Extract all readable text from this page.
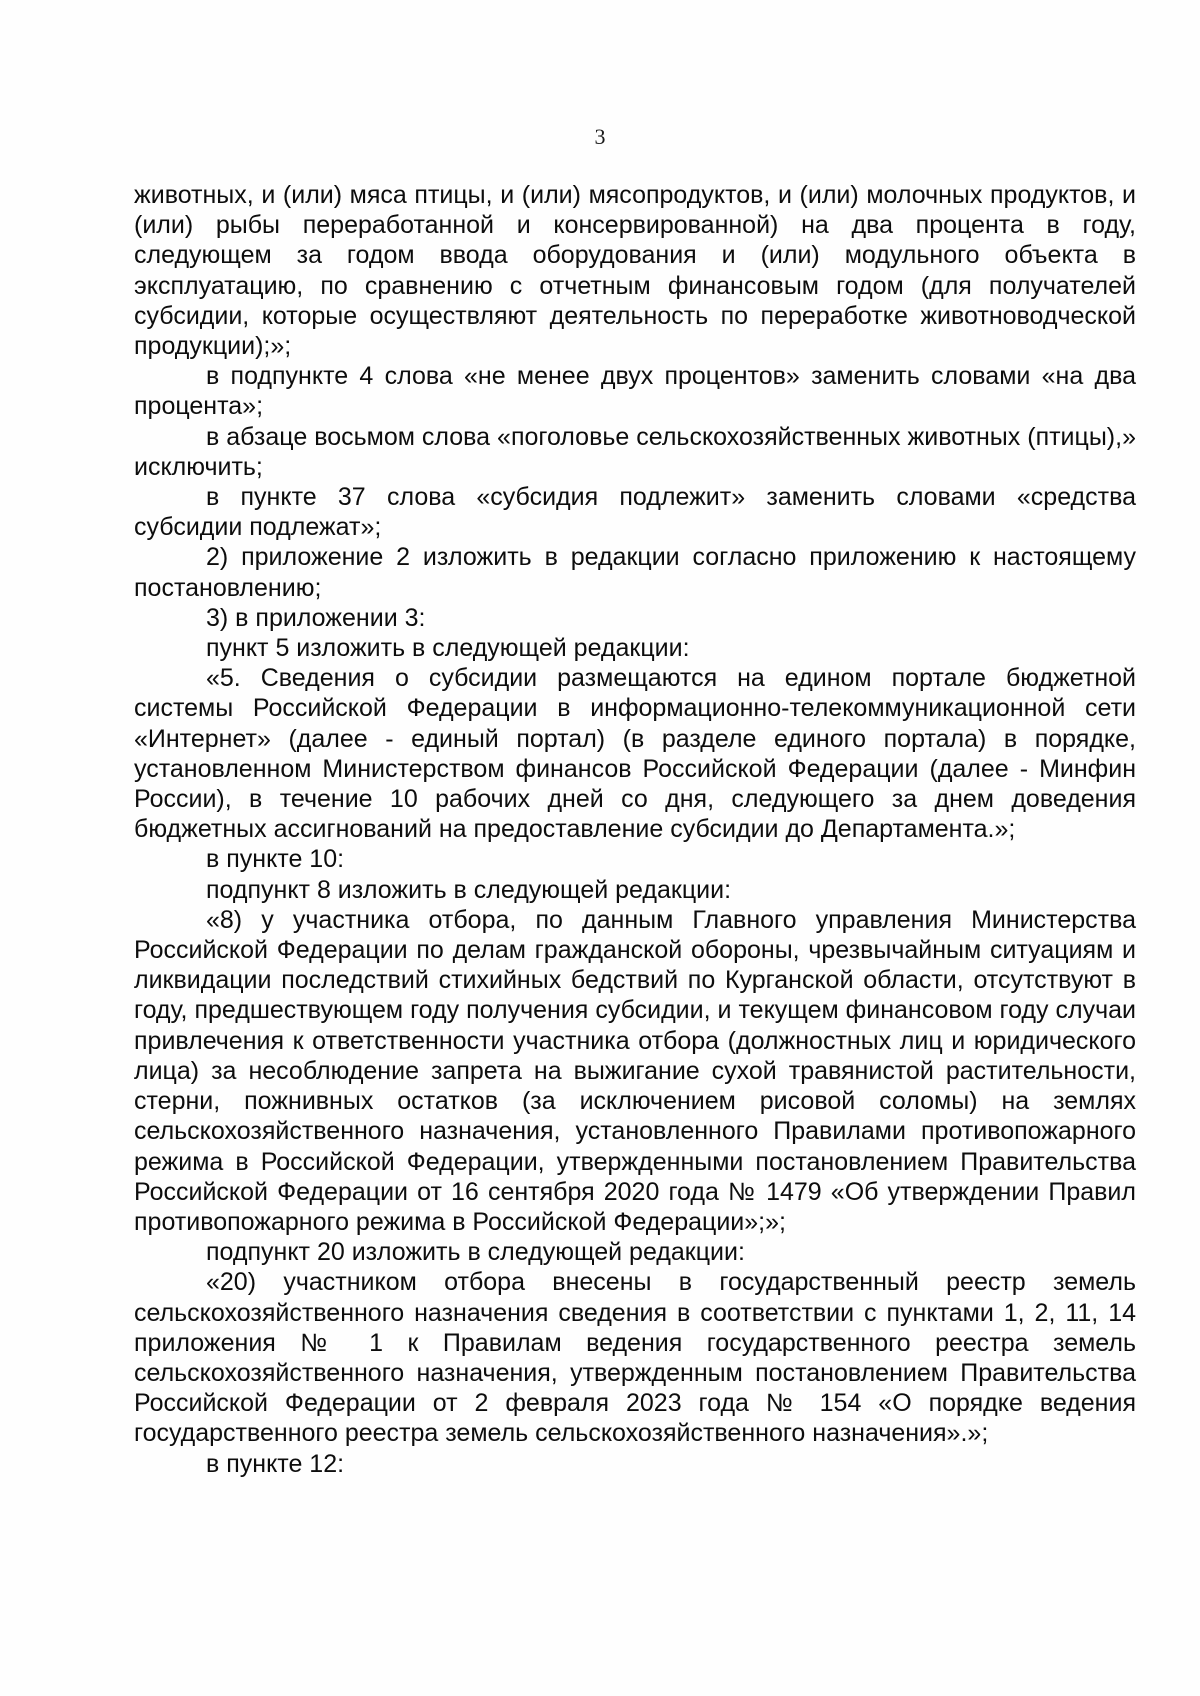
3

животных, и (или) мяса птицы, и (или) мясопродуктов, и (или) молочных продуктов, и (или) рыбы переработанной и консервированной) на два процента в году, следующем за годом ввода оборудования и (или) модульного объекта в эксплуатацию, по сравнению с отчетным финансовым годом (для получателей субсидии, которые осуществляют деятельность по переработке животноводческой продукции);»;

в подпункте 4 слова «не менее двух процентов» заменить словами «на два процента»;

в абзаце восьмом слова «поголовье сельскохозяйственных животных (птицы),» исключить;

в пункте 37 слова «субсидия подлежит» заменить словами «средства субсидии подлежат»;

2) приложение 2 изложить в редакции согласно приложению к настоящему постановлению;

3) в приложении 3:

пункт 5 изложить в следующей редакции:

«5. Сведения о субсидии размещаются на едином портале бюджетной системы Российской Федерации в информационно-телекоммуникационной сети «Интернет» (далее - единый портал) (в разделе единого портала) в порядке, установленном Министерством финансов Российской Федерации (далее - Минфин России), в течение 10 рабочих дней со дня, следующего за днем доведения бюджетных ассигнований на предоставление субсидии до Департамента.»;

в пункте 10:

подпункт 8 изложить в следующей редакции:

«8) у участника отбора, по данным Главного управления Министерства Российской Федерации по делам гражданской обороны, чрезвычайным ситуациям и ликвидации последствий стихийных бедствий по Курганской области, отсутствуют в году, предшествующем году получения субсидии, и текущем финансовом году случаи привлечения к ответственности участника отбора (должностных лиц и юридического лица) за несоблюдение запрета на выжигание сухой травянистой растительности, стерни, пожнивных остатков (за исключением рисовой соломы) на землях сельскохозяйственного назначения, установленного Правилами противопожарного режима в Российской Федерации, утвержденными постановлением Правительства Российской Федерации от 16 сентября 2020 года № 1479 «Об утверждении Правил противопожарного режима в Российской Федерации»;»;

подпункт 20 изложить в следующей редакции:

«20) участником отбора внесены в государственный реестр земель сельскохозяйственного назначения сведения в соответствии с пунктами 1, 2, 11, 14 приложения № 1 к Правилам ведения государственного реестра земель сельскохозяйственного назначения, утвержденным постановлением Правительства Российской Федерации от 2 февраля 2023 года № 154 «О порядке ведения государственного реестра земель сельскохозяйственного назначения».»;

в пункте 12:
